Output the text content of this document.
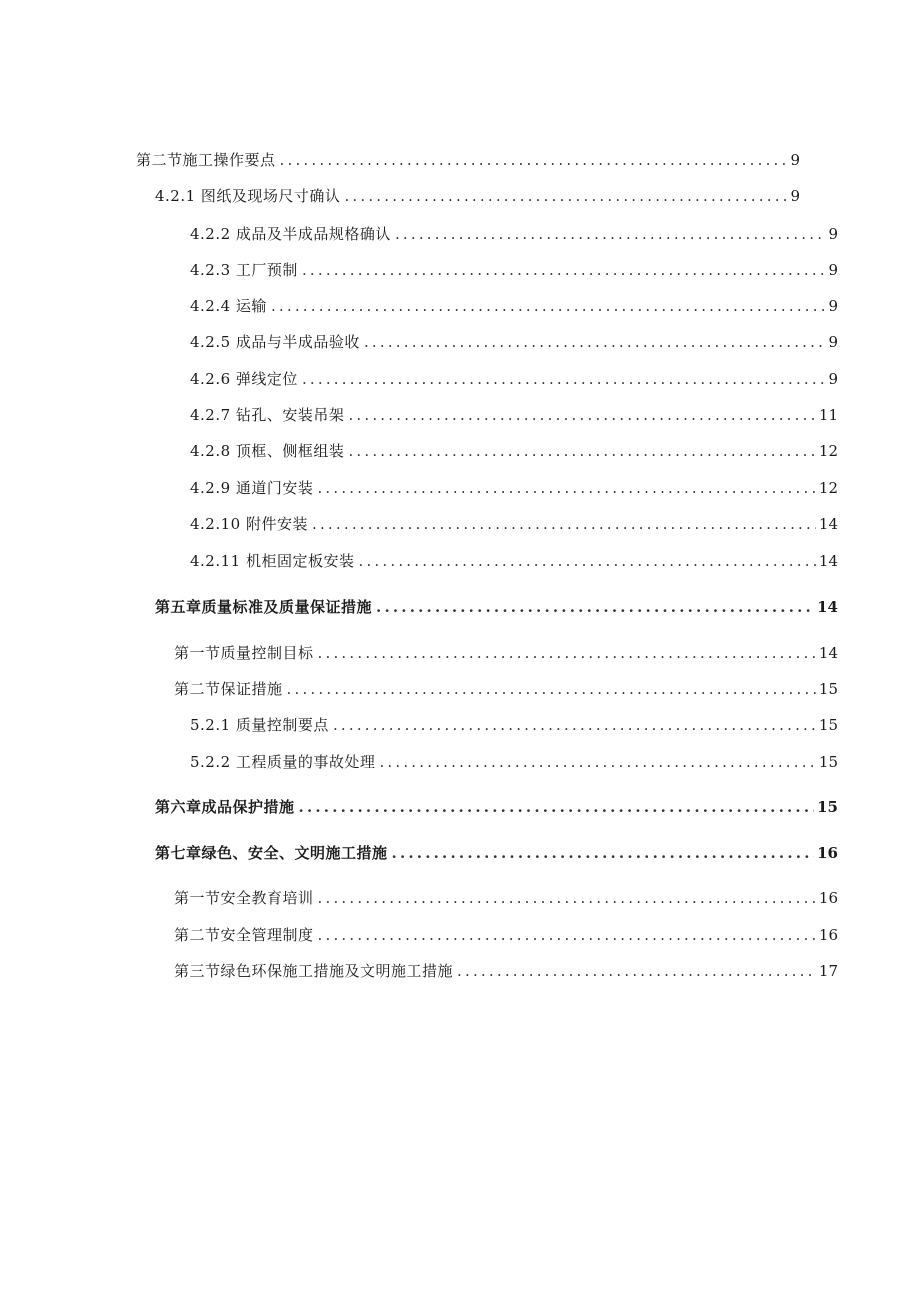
第二节施工操作要点 .....	9
4.2.1 图纸及现场尺寸确认 .....	9
4.2.2 成品及半成品规格确认 .....	9
4.2.3 工厂预制 .....	9
4.2.4 运输 .....	9
4.2.5 成品与半成品验收 .....	9
4.2.6 弹线定位 .....	9
4.2.7 钻孔、安装吊架 .....	11
4.2.8 顶框、侧框组装 .....	12
4.2.9 通道门安装 .....	12
4.2.10 附件安装 .....	14
4.2.11 机柜固定板安装 .....	14
第五章质量标准及质量保证措施 .....	14
第一节质量控制目标 .....	14
第二节保证措施 .....	15
5.2.1 质量控制要点 .....	15
5.2.2 工程质量的事故处理 .....	15
第六章成品保护措施 .....	15
第七章绿色、安全、文明施工措施 .....	16
第一节安全教育培训 .....	16
第二节安全管理制度 .....	16
第三节绿色环保施工措施及文明施工措施 .....	17
